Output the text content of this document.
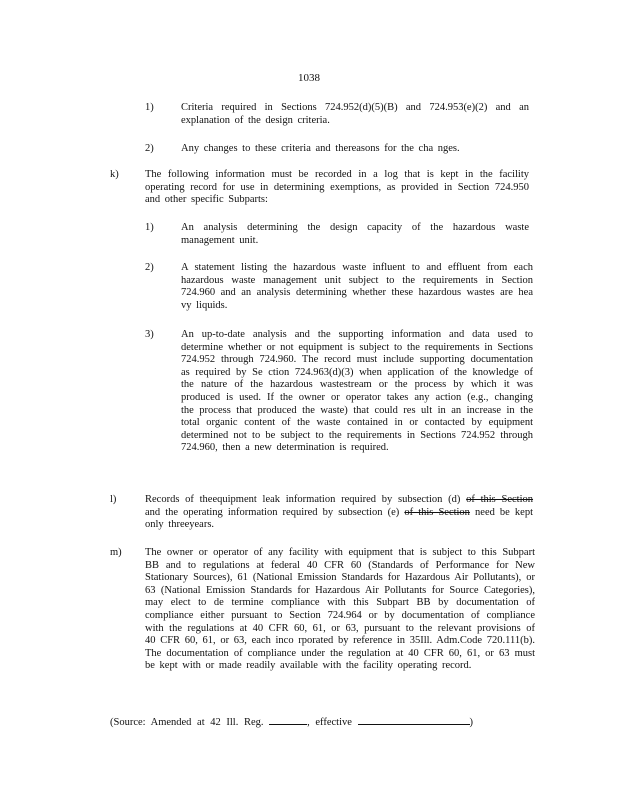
1038
1)	Criteria required in Sections 724.952(d)(5)(B) and 724.953(e)(2) and an explanation of the design criteria.
2)	Any changes to these criteria and thereasons for the cha nges.
k)	The following information must be recorded in a log that is kept in the facility operating record for use in determining exemptions, as provided in Section 724.950 and other specific Subparts:
1)	An analysis determining the design capacity of the hazardous waste management unit.
2)	A statement listing the hazardous waste influent to and effluent from each hazardous waste management unit subject to the requirements in Section 724.960 and an analysis determining whether these hazardous wastes are hea vy liquids.
3)	An up-to-date analysis and the supporting information and data used to determine whether or not equipment is subject to the requirements in Sections 724.952 through 724.960. The record must include supporting documentation as required by Se ction 724.963(d)(3) when application of the knowledge of the nature of the hazardous wastestream or the process by which it was produced is used. If the owner or operator takes any action (e.g., changing the process that produced the waste) that could res ult in an increase in the total organic content of the waste contained in or contacted by equipment determined not to be subject to the requirements in Sections 724.952 through 724.960, then a new determination is required.
l)	Records of theequipment leak information required by subsection (d) of this Section and the operating information required by subsection (e) of this Section need be kept only threeyears.
m) The owner or operator of any facility with equipment that is subject to this Subpart BB and to regulations at federal 40 CFR 60 (Standards of Performance for New Stationary Sources), 61 (National Emission Standards for Hazardous Air Pollutants), or 63 (National Emission Standards for Hazardous Air Pollutants for Source Categories), may elect to de termine compliance with this Subpart BB by documentation of compliance either pursuant to Section 724.964 or by documentation of compliance with the regulations at 40 CFR 60, 61, or 63, pursuant to the relevant provisions of 40 CFR 60, 61, or 63, each inco rporated by reference in 35Ill. Adm.Code 720.111(b). The documentation of compliance under the regulation at 40 CFR 60, 61, or 63 must be kept with or made readily available with the facility operating record.
(Source: Amended at 42 Ill. Reg.	, effective	)
